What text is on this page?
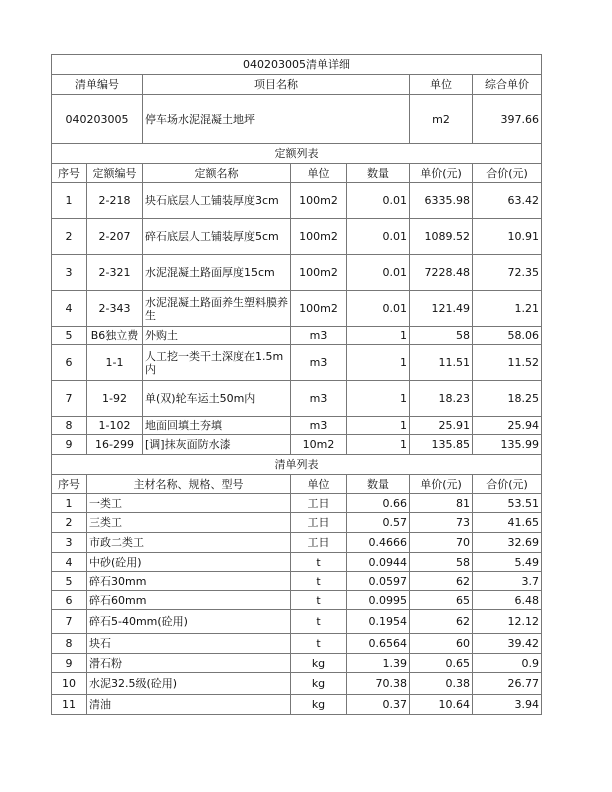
040203005清单详细						
清单编号		项目名称			单位	综合单价
040203005		停车场水泥混凝土地坪			m2	397.66
定额列表						
序号	定额编号	定额名称	单位	数量	单价(元)	合价(元)
1	2-218	块石底层人工铺装厚度3cm	100m2	0.01	6335.98	63.42
2	2-207	碎石底层人工铺装厚度5cm	100m2	0.01	1089.52	10.91
3	2-321	水泥混凝土路面厚度15cm	100m2	0.01	7228.48	72.35
4	2-343	水泥混凝土路面养生塑料膜养生	100m2	0.01	121.49	1.21
5	B6独立费	外购土	m3	1	58	58.06
6	1-1	人工挖一类干土深度在1.5m内	m3	1	11.51	11.52
7	1-92	单(双)轮车运土50m内	m3	1	18.23	18.25
8	1-102	地面回填土夯填	m3	1	25.91	25.94
9	16-299	[调]抹灰面防水漆	10m2	1	135.85	135.99
清单列表						
序号	主材名称、规格、型号		单位	数量	单价(元)	合价(元)
1	一类工		工日	0.66	81	53.51
2	三类工		工日	0.57	73	41.65
3	市政二类工		工日	0.4666	70	32.69
4	中砂(砼用)		t	0.0944	58	5.49
5	碎石30mm		t	0.0597	62	3.7
6	碎石60mm		t	0.0995	65	6.48
7	碎石5-40mm(砼用)		t	0.1954	62	12.12
8	块石		t	0.6564	60	39.42
9	滑石粉		kg	1.39	0.65	0.9
10	水泥32.5级(砼用)		kg	70.38	0.38	26.77
11	清油		kg	0.37	10.64	3.94
